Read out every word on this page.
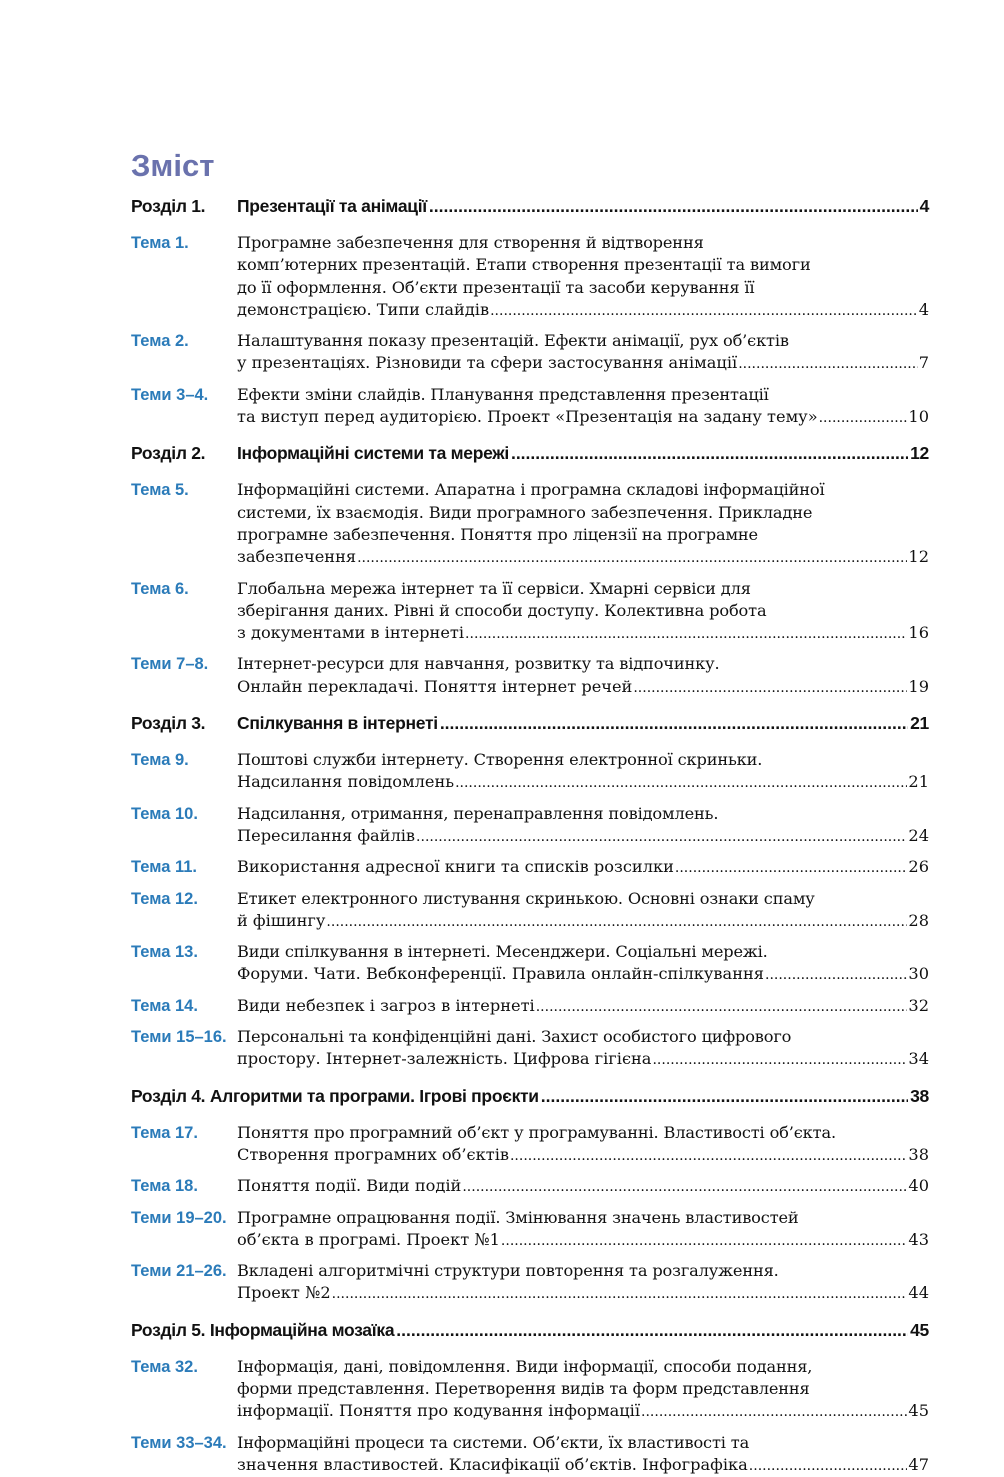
Зміст
Розділ 1. Презентації та анімації .....	4
Тема 1.	Програмне забезпечення для створення й відтворення
комп’ютерних презентацій. Етапи створення презентації та вимоги
до її оформлення. Об’єкти презентації та засоби керування її
демонстрацією. Типи слайдів .....	4
Тема 2.	Налаштування показу презентацій. Ефекти анімації, рух об’єктів
у презентаціях. Різновиди та сфери застосування анімації .....	7
Теми 3–4. Ефекти зміни слайдів. Планування представлення презентації
та виступ перед аудиторією. Проект «Презентація на задану тему» .....	10
Розділ 2. Інформаційні системи та мережі .....	12
Тема 5.	Інформаційні системи. Апаратна і програмна складові інформаційної
системи, їх взаємодія. Види програмного забезпечення. Прикладне
програмне забезпечення. Поняття про ліцензії на програмне
забезпечення .....	12
Тема 6.	Глобальна мережа інтернет та її сервіси. Хмарні сервіси для
зберігання даних. Рівні й способи доступу. Колективна робота
з документами в інтернеті .....	16
Теми 7–8. Інтернет-ресурси для навчання, розвитку та відпочинку.
Онлайн перекладачі. Поняття інтернет речей .....	19
Розділ 3. Спілкування в інтернеті .....	21
Тема 9.	Поштові служби інтернету. Створення електронної скриньки.
Надсилання повідомлень .....	21
Тема 10. Надсилання, отримання, перенаправлення повідомлень.
Пересилання файлів .....	24
Тема 11. Використання адресної книги та списків розсилки .....	26
Тема 12. Етикет електронного листування скринькою. Основні ознаки спаму
й фішингу .....	28
Тема 13. Види спілкування в інтернеті. Месенджери. Соціальні мережі.
Форуми. Чати. Вебконференції. Правила онлайн-спілкування .....	30
Тема 14. Види небезпек і загроз в інтернеті .....	32
Теми 15–16. Персональні та конфіденційні дані. Захист особистого цифрового
простору. Інтернет-залежність. Цифрова гігієна .....	34
Розділ 4. Алгоритми та програми. Ігрові проєкти .....	38
Тема 17. Поняття про програмний об’єкт у програмуванні. Властивості об’єкта.
Створення програмних об’єктів .....	38
Тема 18. Поняття події. Види подій .....	40
Теми 19–20. Програмне опрацювання події. Змінювання значень властивостей
об’єкта в програмі. Проект №1 .....	43
Теми 21–26. Вкладені алгоритмічні структури повторення та розгалуження.
Проект №2 .....	44
Розділ 5. Інформаційна мозаїка .....	45
Тема 32. Інформація, дані, повідомлення. Види інформації, способи подання,
форми представлення. Перетворення видів та форм представлення
інформації. Поняття про кодування інформації .....	45
Теми 33–34. Інформаційні процеси та системи. Об’єкти, їх властивості та
значення властивостей. Класифікації об’єктів. Інфографіка .....	47
